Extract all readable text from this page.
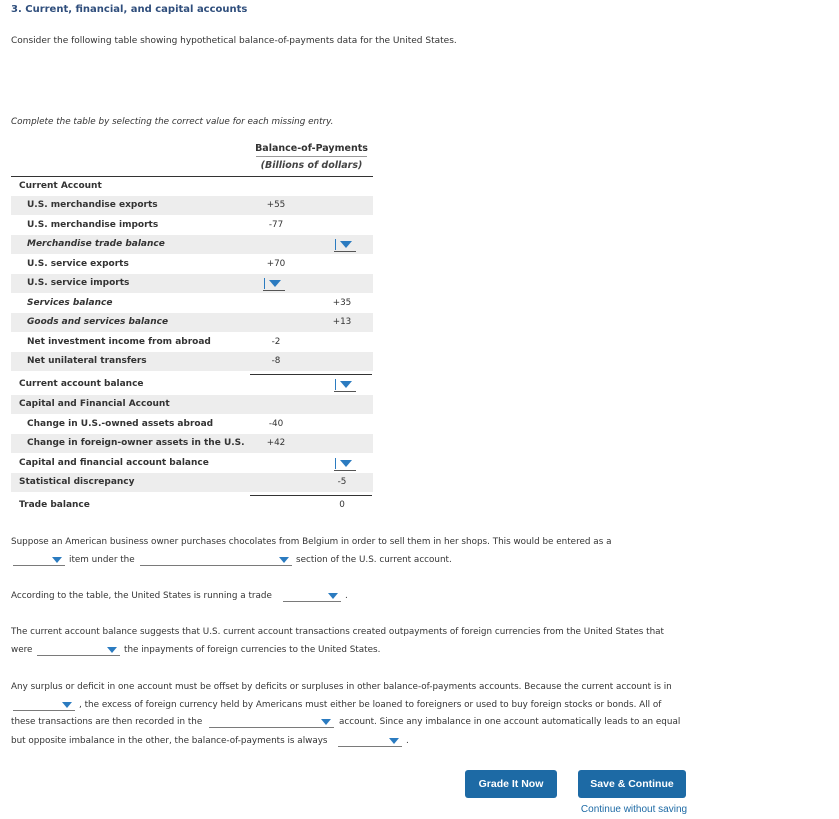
3. Current, financial, and capital accounts
Consider the following table showing hypothetical balance-of-payments data for the United States.
Complete the table by selecting the correct value for each missing entry.
Balance-of-Payments
(Billions of dollars)
Current Account
U.S. merchandise exports	+55
U.S. merchandise imports	-77
Merchandise trade balance
U.S. service exports	+70
U.S. service imports
Services balance	+35
Goods and services balance	+13
Net investment income from abroad	-2
Net unilateral transfers	-8
Current account balance
Capital and Financial Account
Change in U.S.-owned assets abroad	-40
Change in foreign-owner assets in the U.S.	+42
Capital and financial account balance
Statistical discrepancy	-5
Trade balance	0
Suppose an American business owner purchases chocolates from Belgium in order to sell them in her shops. This would be entered as a
item under the	section of the U.S. current account.
According to the table, the United States is running a trade	.
The current account balance suggests that U.S. current account transactions created outpayments of foreign currencies from the United States that
were	the inpayments of foreign currencies to the United States.
Any surplus or deficit in one account must be offset by deficits or surpluses in other balance-of-payments accounts. Because the current account is in
, the excess of foreign currency held by Americans must either be loaned to foreigners or used to buy foreign stocks or bonds. All of
these transactions are then recorded in the	account. Since any imbalance in one account automatically leads to an equal
but opposite imbalance in the other, the balance-of-payments is always	.
Grade It Now	Save & Continue
Continue without saving
